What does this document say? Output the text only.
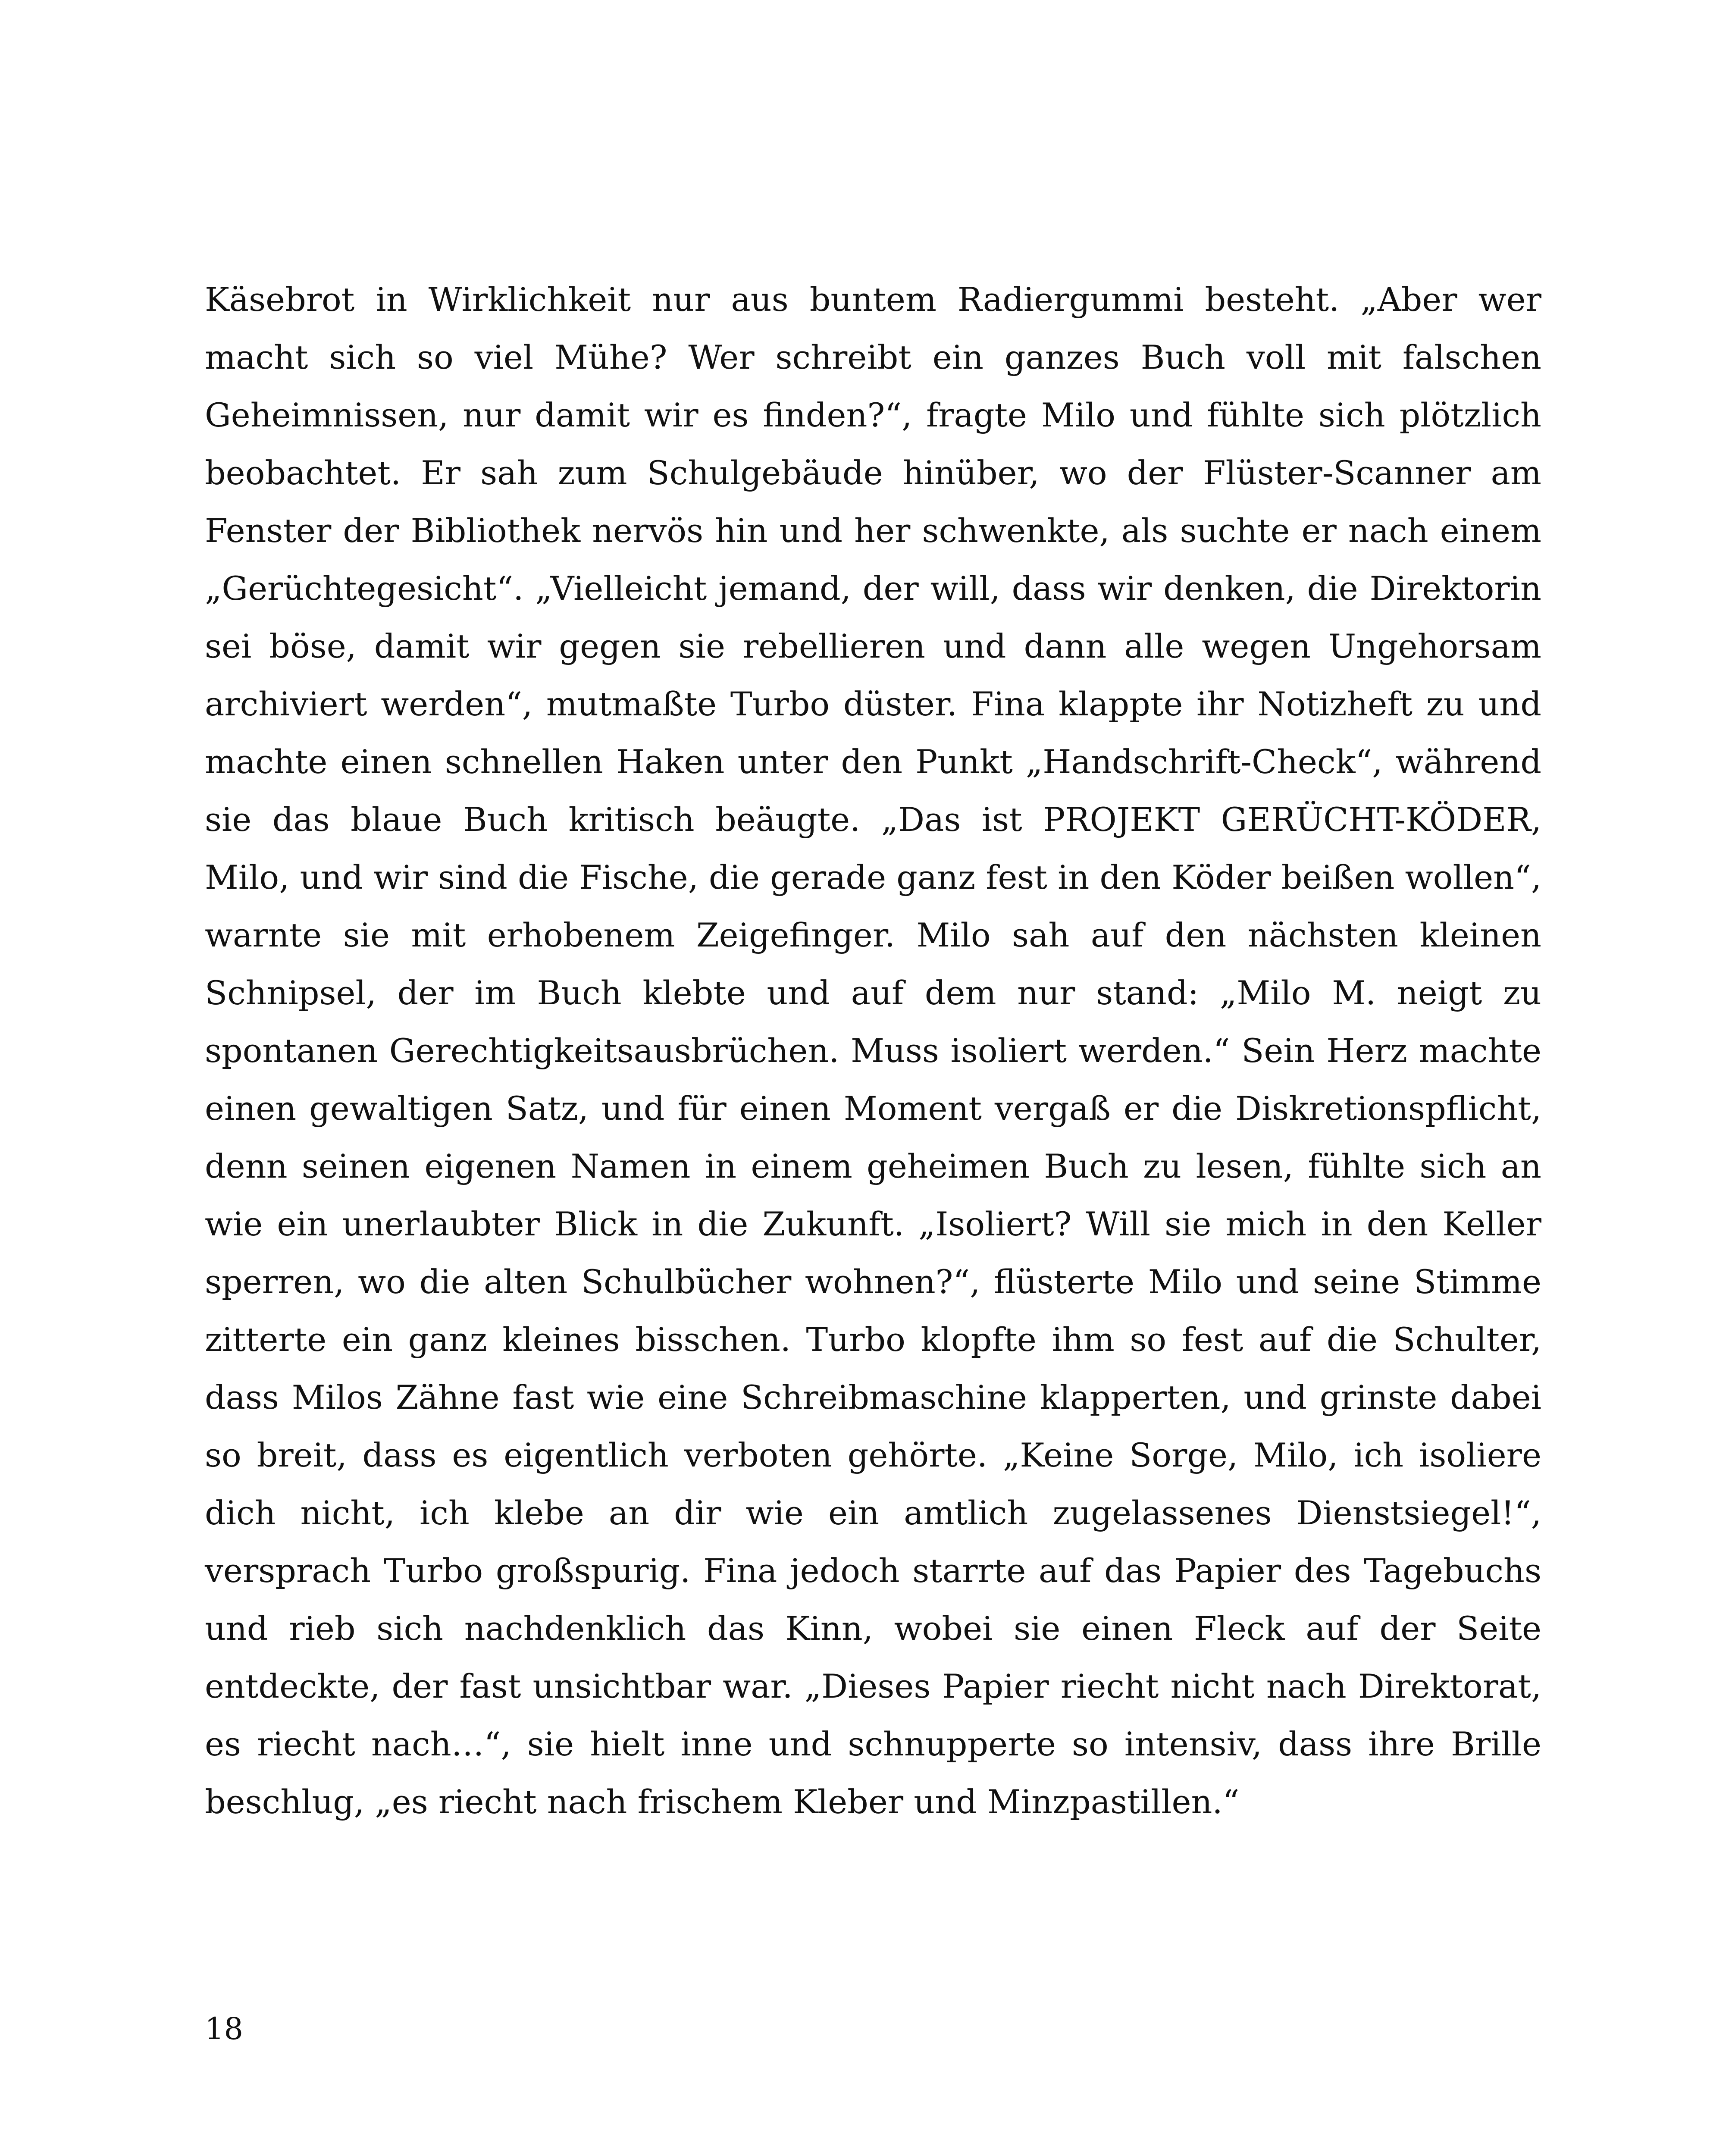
Käsebrot in Wirklichkeit nur aus buntem Radiergummi besteht. „Aber wer macht sich so viel Mühe? Wer schreibt ein ganzes Buch voll mit falschen Geheimnissen, nur damit wir es finden?“, fragte Milo und fühlte sich plötzlich beobachtet. Er sah zum Schulgebäude hinüber, wo der Flüster-Scanner am Fenster der Bibliothek nervös hin und her schwenkte, als suchte er nach einem „Gerüchtegesicht“. „Vielleicht jemand, der will, dass wir denken, die Direktorin sei böse, damit wir gegen sie rebellieren und dann alle wegen Ungehorsam archiviert werden“, mutmaßte Turbo düster. Fina klappte ihr Notizheft zu und machte einen schnellen Haken unter den Punkt „Handschrift-Check“, während sie das blaue Buch kritisch beäugte. „Das ist PROJEKT GERÜCHT-KÖDER, Milo, und wir sind die Fische, die gerade ganz fest in den Köder beißen wollen“, warnte sie mit erhobenem Zeigefinger. Milo sah auf den nächsten kleinen Schnipsel, der im Buch klebte und auf dem nur stand: „Milo M. neigt zu spontanen Gerechtigkeitsausbrüchen. Muss isoliert werden.“ Sein Herz machte einen gewaltigen Satz, und für einen Moment vergaß er die Diskretionspflicht, denn seinen eigenen Namen in einem geheimen Buch zu lesen, fühlte sich an wie ein unerlaubter Blick in die Zukunft. „Isoliert? Will sie mich in den Keller sperren, wo die alten Schulbücher wohnen?“, flüsterte Milo und seine Stimme zitterte ein ganz kleines bisschen. Turbo klopfte ihm so fest auf die Schulter, dass Milos Zähne fast wie eine Schreibmaschine klapperten, und grinste dabei so breit, dass es eigentlich verboten gehörte. „Keine Sorge, Milo, ich isoliere dich nicht, ich klebe an dir wie ein amtlich zugelassenes Dienstsiegel!“, versprach Turbo großspurig. Fina jedoch starrte auf das Papier des Tagebuchs und rieb sich nachdenklich das Kinn, wobei sie einen Fleck auf der Seite entdeckte, der fast unsichtbar war. „Dieses Papier riecht nicht nach Direktorat, es riecht nach…“, sie hielt inne und schnupperte so intensiv, dass ihre Brille beschlug, „es riecht nach frischem Kleber und Minzpastillen.“

18
